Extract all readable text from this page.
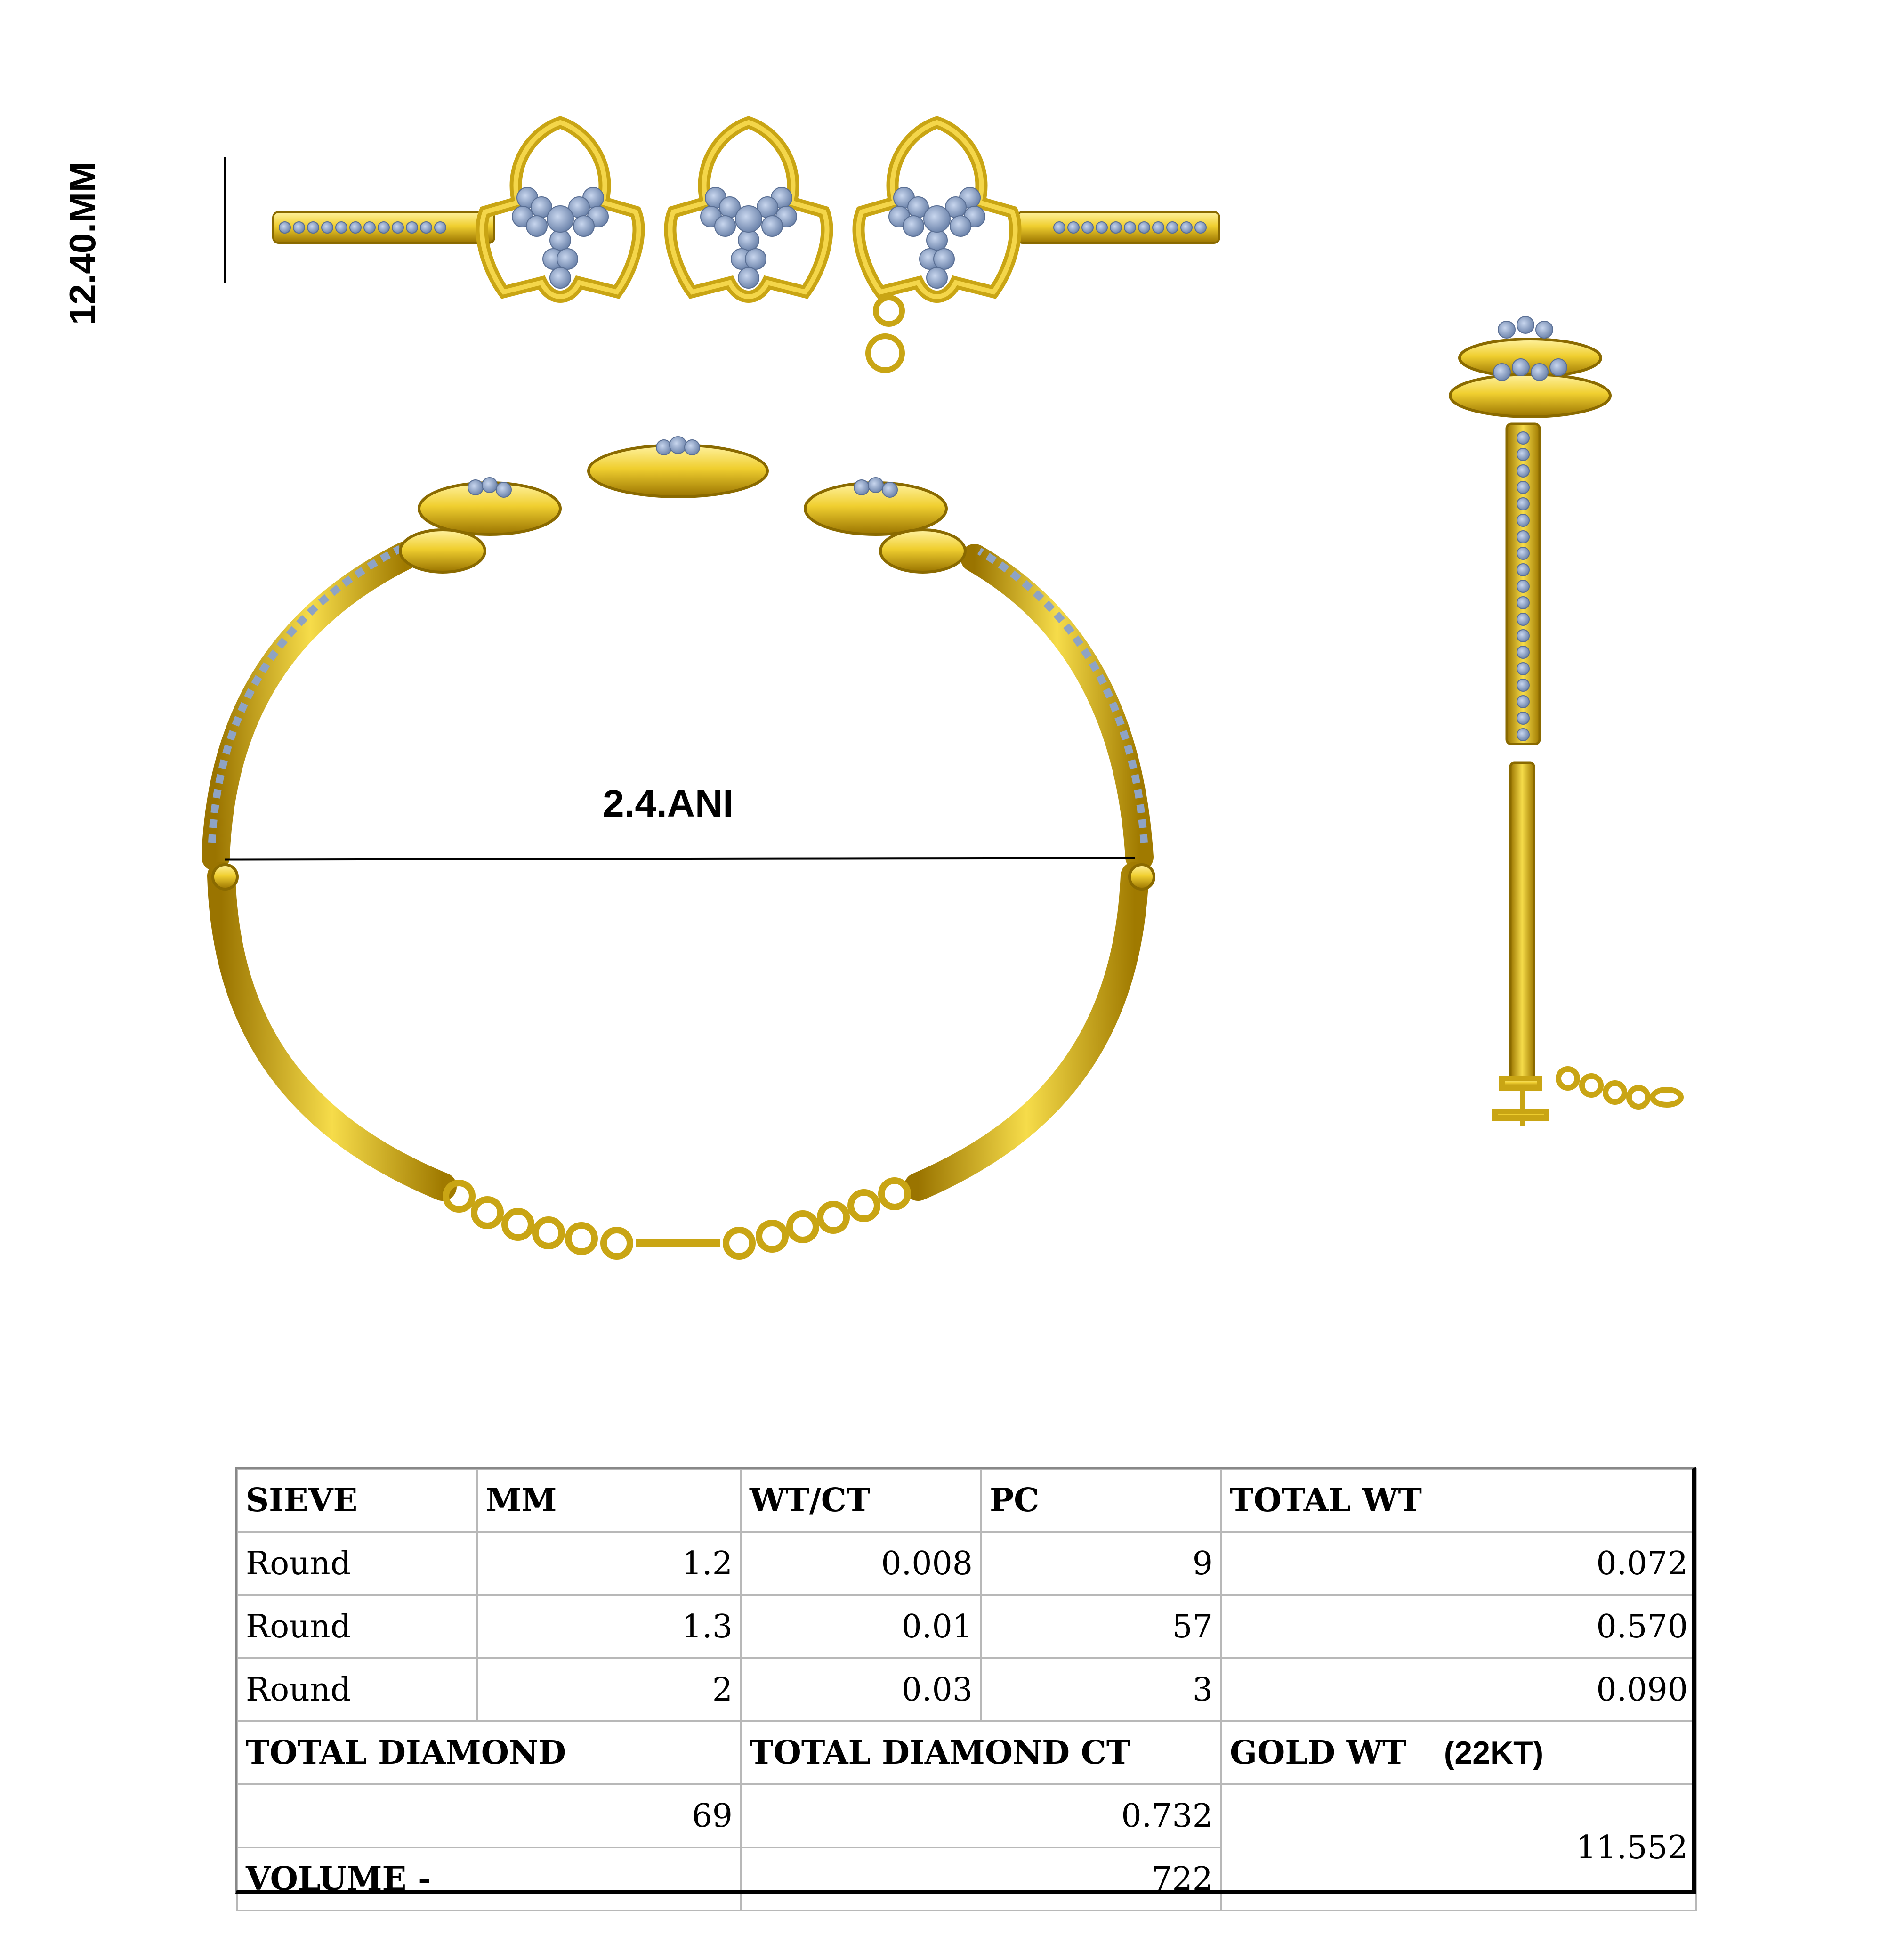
12.40.MM
2.4.ANI
SIEVE	MM	WT/CT	PC	TOTAL WT
Round	1.2	0.008	9	0.072
Round	1.3	0.01	57	0.570
Round	2	0.03	3	0.090
TOTAL DIAMOND		TOTAL DIAMOND CT		GOLD WT (22KT)
69		0.732		11.552
VOLUME -		722		
